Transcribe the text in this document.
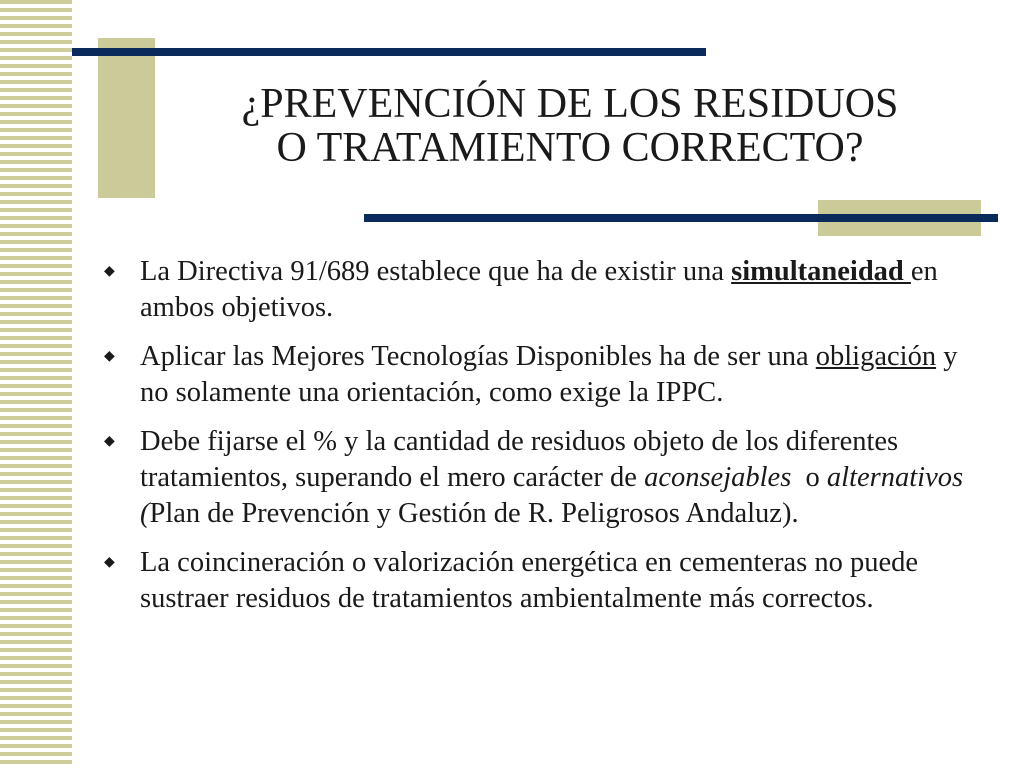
¿PREVENCIÓN DE LOS RESIDUOS
O TRATAMIENTO CORRECTO?
◆ La Directiva 91/689 establece que ha de existir una simultaneidad en ambos objetivos.
◆ Aplicar las Mejores Tecnologías Disponibles ha de ser una obligación y no solamente una orientación, como exige la IPPC.
◆ Debe fijarse el % y la cantidad de residuos objeto de los diferentes tratamientos, superando el mero carácter de aconsejables  o alternativos (Plan de Prevención y Gestión de R. Peligrosos Andaluz).
◆ La coincineración o valorización energética en cementeras no puede sustraer residuos de tratamientos ambientalmente más correctos.
